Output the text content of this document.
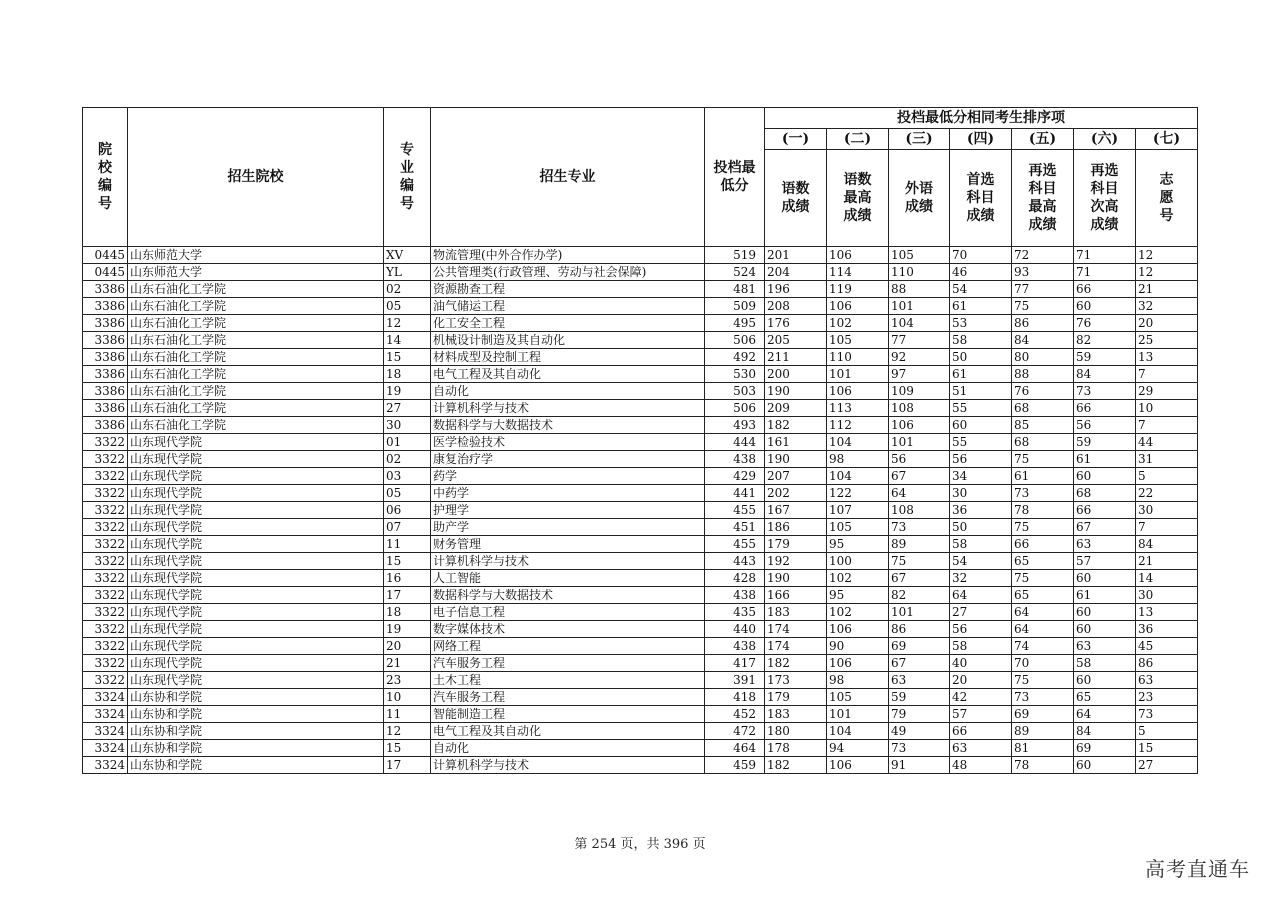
院校编号	招生院校	专业编号	招生专业	投档最低分	投档最低分相同考生排序项						
					(一)	(二)	(三)	(四)	(五)	(六)	(七)
					语数成绩	语数最高成绩	外语成绩	首选科目成绩	再选科目最高成绩	再选科目次高成绩	志愿号
0445	山东师范大学	XV	物流管理(中外合作办学)	519	201	106	105	70	72	71	12
0445	山东师范大学	YL	公共管理类(行政管理、劳动与社会保障)	524	204	114	110	46	93	71	12
3386	山东石油化工学院	02	资源勘查工程	481	196	119	88	54	77	66	21
3386	山东石油化工学院	05	油气储运工程	509	208	106	101	61	75	60	32
3386	山东石油化工学院	12	化工安全工程	495	176	102	104	53	86	76	20
3386	山东石油化工学院	14	机械设计制造及其自动化	506	205	105	77	58	84	82	25
3386	山东石油化工学院	15	材料成型及控制工程	492	211	110	92	50	80	59	13
3386	山东石油化工学院	18	电气工程及其自动化	530	200	101	97	61	88	84	7
3386	山东石油化工学院	19	自动化	503	190	106	109	51	76	73	29
3386	山东石油化工学院	27	计算机科学与技术	506	209	113	108	55	68	66	10
3386	山东石油化工学院	30	数据科学与大数据技术	493	182	112	106	60	85	56	7
3322	山东现代学院	01	医学检验技术	444	161	104	101	55	68	59	44
3322	山东现代学院	02	康复治疗学	438	190	98	56	56	75	61	31
3322	山东现代学院	03	药学	429	207	104	67	34	61	60	5
3322	山东现代学院	05	中药学	441	202	122	64	30	73	68	22
3322	山东现代学院	06	护理学	455	167	107	108	36	78	66	30
3322	山东现代学院	07	助产学	451	186	105	73	50	75	67	7
3322	山东现代学院	11	财务管理	455	179	95	89	58	66	63	84
3322	山东现代学院	15	计算机科学与技术	443	192	100	75	54	65	57	21
3322	山东现代学院	16	人工智能	428	190	102	67	32	75	60	14
3322	山东现代学院	17	数据科学与大数据技术	438	166	95	82	64	65	61	30
3322	山东现代学院	18	电子信息工程	435	183	102	101	27	64	60	13
3322	山东现代学院	19	数字媒体技术	440	174	106	86	56	64	60	36
3322	山东现代学院	20	网络工程	438	174	90	69	58	74	63	45
3322	山东现代学院	21	汽车服务工程	417	182	106	67	40	70	58	86
3322	山东现代学院	23	土木工程	391	173	98	63	20	75	60	63
3324	山东协和学院	10	汽车服务工程	418	179	105	59	42	73	65	23
3324	山东协和学院	11	智能制造工程	452	183	101	79	57	69	64	73
3324	山东协和学院	12	电气工程及其自动化	472	180	104	49	66	89	84	5
3324	山东协和学院	15	自动化	464	178	94	73	63	81	69	15
3324	山东协和学院	17	计算机科学与技术	459	182	106	91	48	78	60	27
第 254 页，共 396 页
高考直通车
